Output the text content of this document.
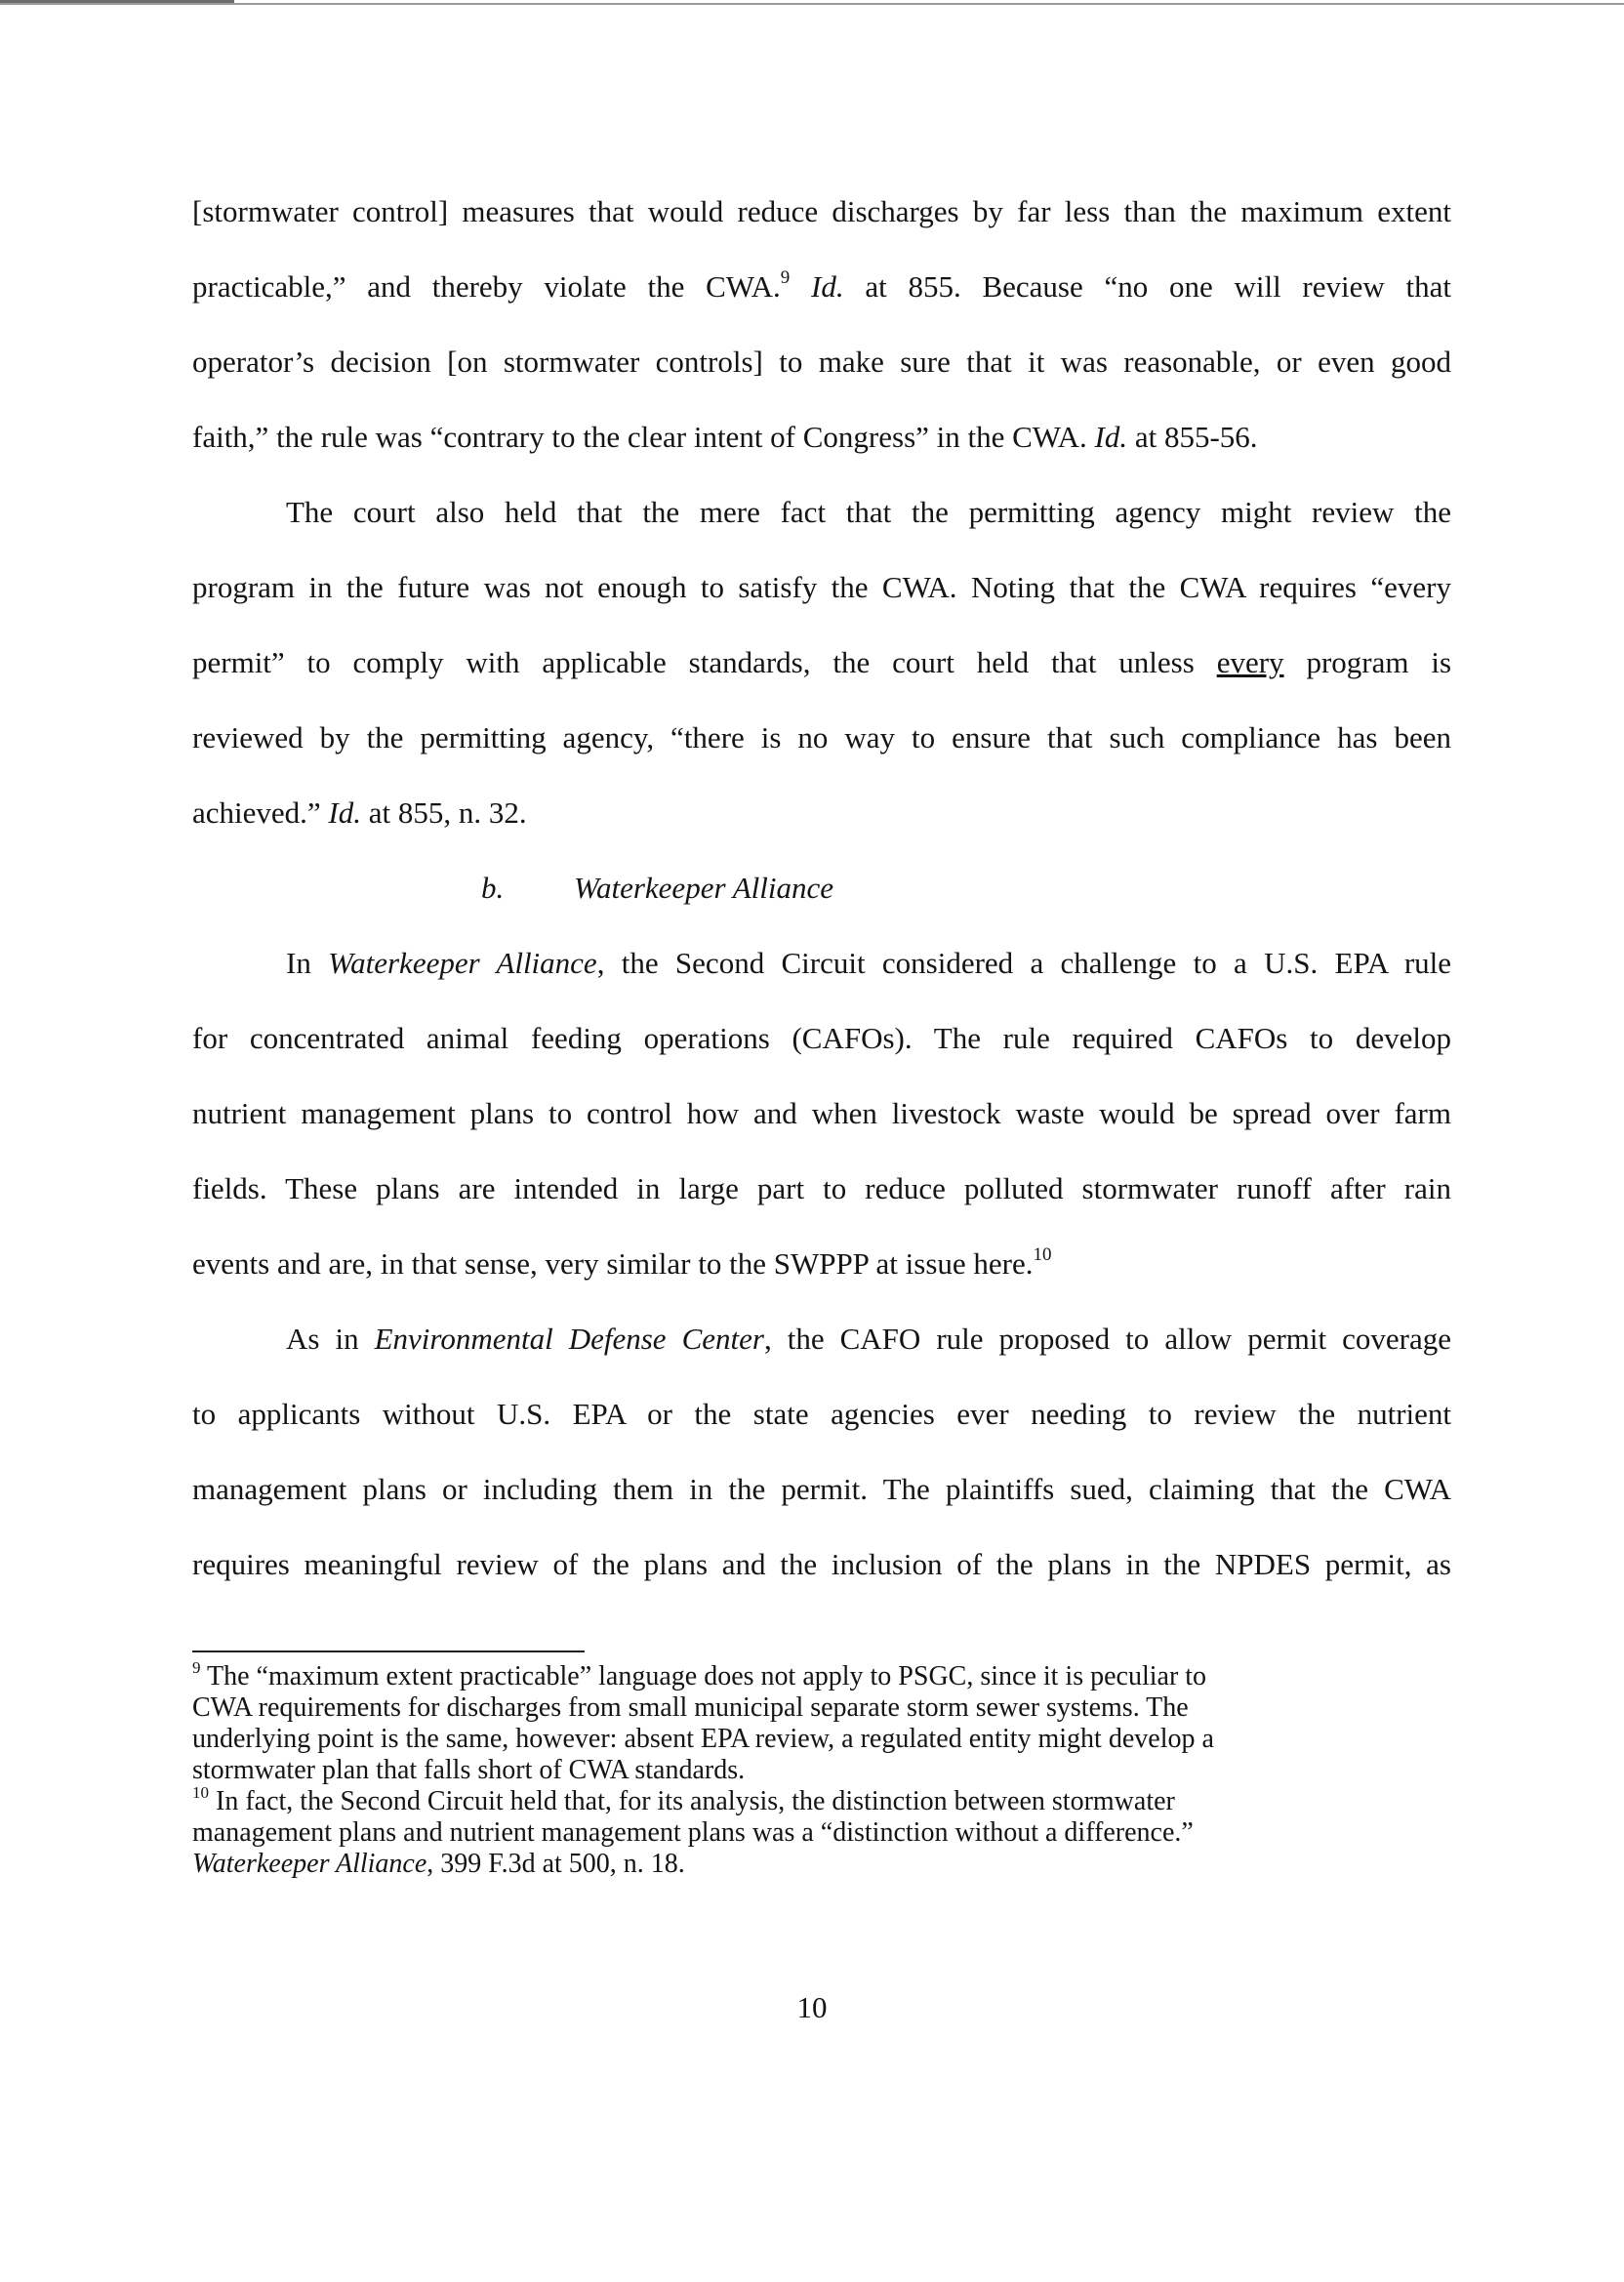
[stormwater control] measures that would reduce discharges by far less than the maximum extent

practicable,” and thereby violate the CWA.$^9$ Id. at 855. Because “no one will review that

operator’s decision [on stormwater controls] to make sure that it was reasonable, or even good

faith,” the rule was “contrary to the clear intent of Congress” in the CWA. Id. at 855-56.

The court also held that the mere fact that the permitting agency might review the

program in the future was not enough to satisfy the CWA. Noting that the CWA requires “every

permit” to comply with applicable standards, the court held that unless every program is

reviewed by the permitting agency, “there is no way to ensure that such compliance has been

achieved.” Id. at 855, n. 32.

b. Waterkeeper Alliance

In Waterkeeper Alliance, the Second Circuit considered a challenge to a U.S. EPA rule

for concentrated animal feeding operations (CAFOs). The rule required CAFOs to develop

nutrient management plans to control how and when livestock waste would be spread over farm

fields. These plans are intended in large part to reduce polluted stormwater runoff after rain

events and are, in that sense, very similar to the SWPPP at issue here.$^{10}$

As in Environmental Defense Center, the CAFO rule proposed to allow permit coverage

to applicants without U.S. EPA or the state agencies ever needing to review the nutrient

management plans or including them in the permit. The plaintiffs sued, claiming that the CWA

requires meaningful review of the plans and the inclusion of the plans in the NPDES permit, as

$^9$ The “maximum extent practicable” language does not apply to PSGC, since it is peculiar to

CWA requirements for discharges from small municipal separate storm sewer systems. The

underlying point is the same, however: absent EPA review, a regulated entity might develop a

stormwater plan that falls short of CWA standards.

$^{10}$ In fact, the Second Circuit held that, for its analysis, the distinction between stormwater

management plans and nutrient management plans was a “distinction without a difference.”

Waterkeeper Alliance, 399 F.3d at 500, n. 18.

10
